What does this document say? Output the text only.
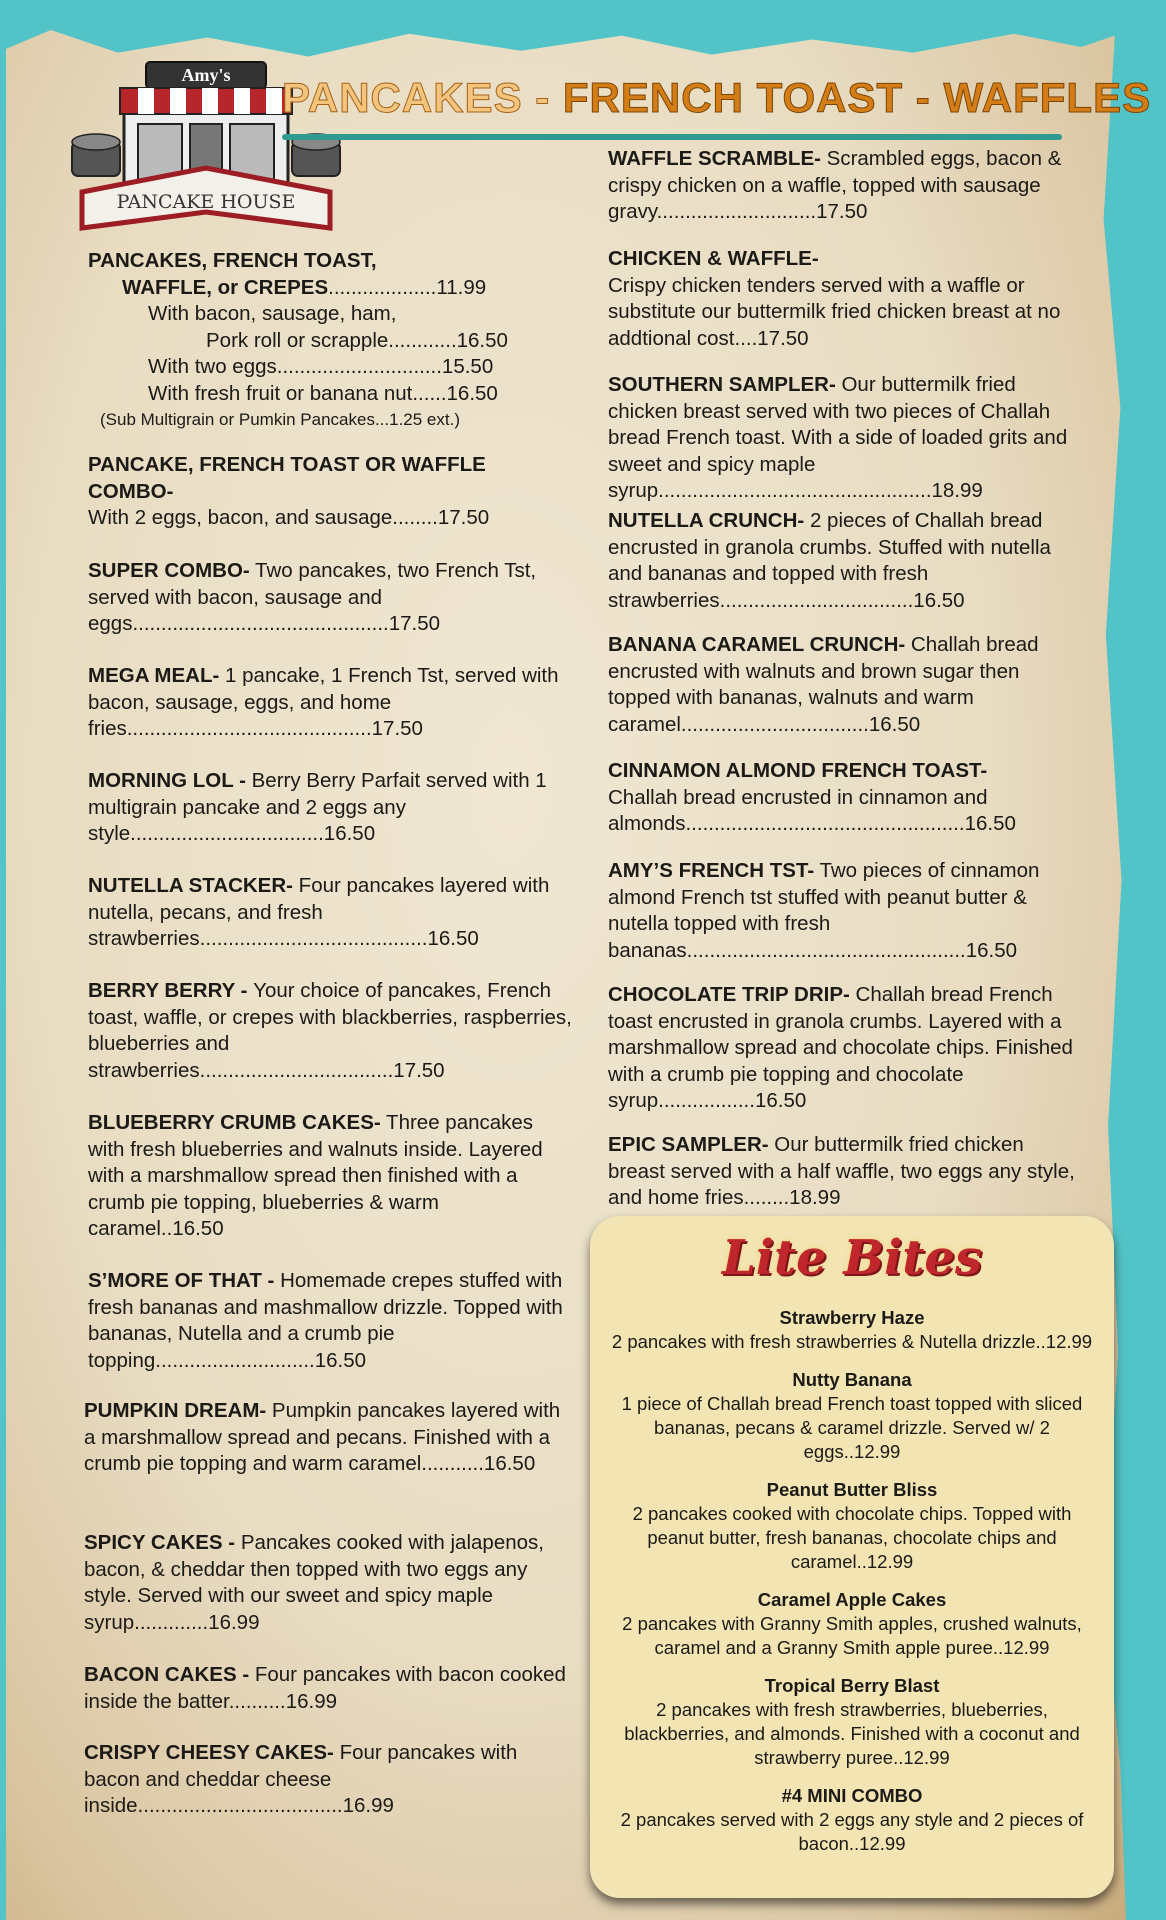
Amy's
PANCAKE HOUSE
PANCAKES - FRENCH TOAST - WAFFLES
PANCAKES, FRENCH TOAST,
WAFFLE, or CREPES...................11.99
With bacon, sausage, ham,
Pork roll or scrapple............16.50
With two eggs.............................15.50
With fresh fruit or banana nut......16.50
(Sub Multigrain or Pumkin Pancakes...1.25 ext.)
PANCAKE, FRENCH TOAST OR WAFFLE COMBO-
With 2 eggs, bacon, and sausage........17.50
SUPER COMBO- Two pancakes, two French Tst, served with bacon, sausage and eggs.............................................17.50
MEGA MEAL- 1 pancake, 1 French Tst, served with bacon, sausage, eggs, and home fries...........................................17.50
MORNING LOL - Berry Berry Parfait served with 1 multigrain pancake and 2 eggs any style..................................16.50
NUTELLA STACKER- Four pancakes layered with nutella, pecans, and fresh strawberries........................................16.50
BERRY BERRY - Your choice of pancakes, French toast, waffle, or crepes with blackberries, raspberries, blueberries and strawberries..................................17.50
BLUEBERRY CRUMB CAKES- Three pancakes with fresh blueberries and walnuts inside. Layered with a marshmallow spread then finished with a crumb pie topping, blueberries & warm caramel..16.50
S’MORE OF THAT - Homemade crepes stuffed with fresh bananas and mashmallow drizzle. Topped with bananas, Nutella and a crumb pie topping............................16.50
PUMPKIN DREAM- Pumpkin pancakes layered with a marshmallow spread and pecans. Finished with a crumb pie topping and warm caramel...........16.50
SPICY CAKES - Pancakes cooked with jalapenos, bacon, & cheddar then topped with two eggs any style. Served with our sweet and spicy maple syrup.............16.99
BACON CAKES - Four pancakes with bacon cooked inside the batter..........16.99
CRISPY CHEESY CAKES- Four pancakes with bacon and cheddar cheese inside....................................16.99
WAFFLE SCRAMBLE- Scrambled eggs, bacon & crispy chicken on a waffle, topped with sausage gravy............................17.50
CHICKEN & WAFFLE-
Crispy chicken tenders served with a waffle or substitute our buttermilk fried chicken breast at no addtional cost....17.50
SOUTHERN SAMPLER- Our buttermilk fried chicken breast served with two pieces of Challah bread French toast. With a side of loaded grits and sweet and spicy maple syrup................................................18.99
NUTELLA CRUNCH- 2 pieces of Challah bread encrusted in granola crumbs. Stuffed with nutella and bananas and topped with fresh strawberries..................................16.50
BANANA CARAMEL CRUNCH- Challah bread encrusted with walnuts and brown sugar then topped with bananas, walnuts and warm caramel.................................16.50
CINNAMON ALMOND FRENCH TOAST-
Challah bread encrusted in cinnamon and almonds.................................................16.50
AMY’S FRENCH TST- Two pieces of cinnamon almond French tst stuffed with peanut butter & nutella topped with fresh bananas.................................................16.50
CHOCOLATE TRIP DRIP- Challah bread French toast encrusted in granola crumbs. Layered with a marshmallow spread and chocolate chips. Finished with a crumb pie topping and chocolate syrup.................16.50
EPIC SAMPLER- Our buttermilk fried chicken breast served with a half waffle, two eggs any style, and home fries........18.99
Lite Bites
Strawberry Haze
2 pancakes with fresh strawberries & Nutella drizzle..12.99
Nutty Banana
1 piece of Challah bread French toast topped with sliced bananas, pecans & caramel drizzle. Served w/ 2 eggs..12.99
Peanut Butter Bliss
2 pancakes cooked with chocolate chips. Topped with peanut butter, fresh bananas, chocolate chips and caramel..12.99
Caramel Apple Cakes
2 pancakes with Granny Smith apples, crushed walnuts, caramel and a Granny Smith apple puree..12.99
Tropical Berry Blast
2 pancakes with fresh strawberries, blueberries, blackberries, and almonds. Finished with a coconut and strawberry puree..12.99
#4 MINI COMBO
2 pancakes served with 2 eggs any style and 2 pieces of bacon..12.99
